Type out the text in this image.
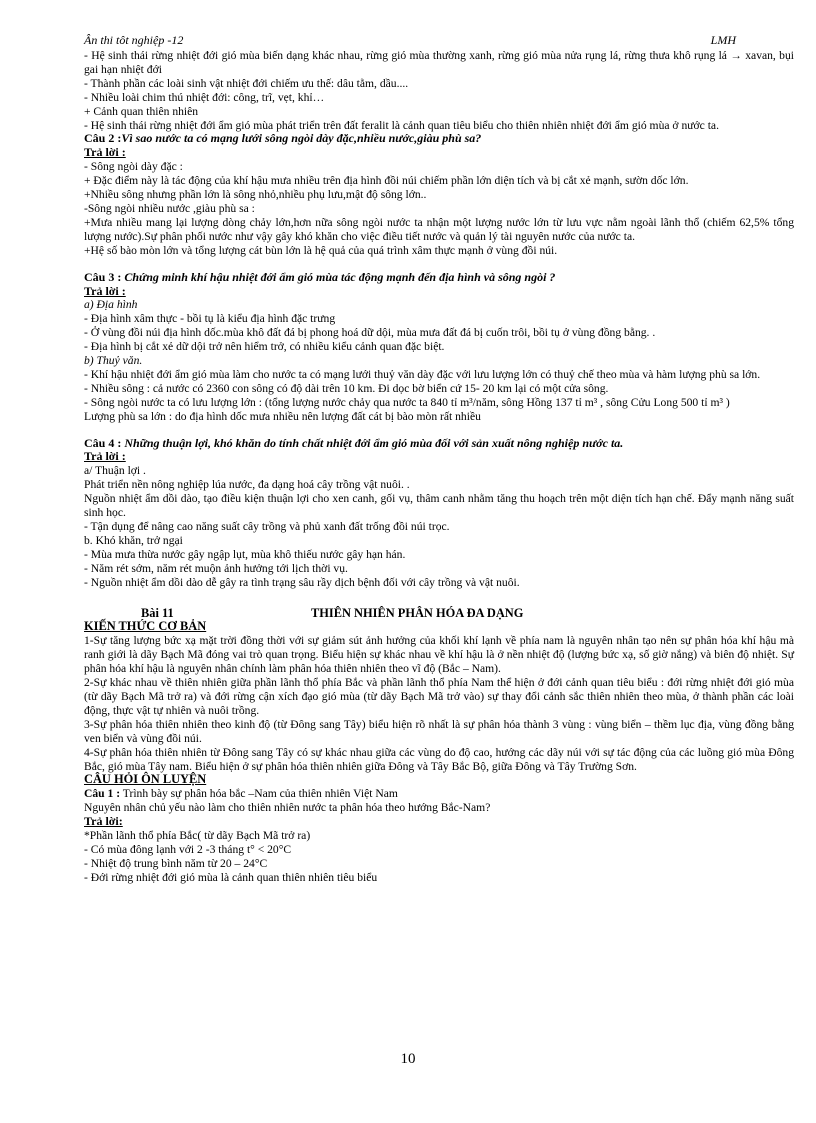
Ân thi tôt nghiệp -12	LMH

- Hệ sinh thái rừng nhiệt đới gió mùa biến dạng khác nhau, rừng gió mùa thường xanh, rừng gió mùa nửa rụng lá, rừng thưa khô rụng lá → xavan, bụi gai hạn nhiệt đới

- Thành phần các loài sinh vật nhiệt đới chiếm ưu thế: dâu tằm, dầu....

- Nhiều loài chim thú nhiệt đới: công, trĩ, vẹt, khỉ…

+ Cảnh quan thiên nhiên

- Hệ sinh thái rừng nhiệt đới ẩm gió mùa phát triển trên đất feralit là cảnh quan tiêu biểu cho thiên nhiên nhiệt đới ẩm gió mùa ở nước ta.

Câu 2 :Vì sao nước ta có mạng lưới sông ngòi dày đặc,nhiều nước,giàu phù sa?

Trả lời :

- Sông ngòi dày đặc :

+ Đặc điểm này là tác động của khí hậu mưa nhiều trên địa hình đồi núi chiếm phần lớn diện tích và bị cắt xẻ mạnh, sườn dốc lớn.

+Nhiều sông nhưng phần lớn là sông nhỏ,nhiều phụ lưu,mật độ sông lớn..

-Sông ngòi nhiều nước ,giàu phù sa :

+Mưa nhiều mang lại lượng dòng chảy lớn,hơn nữa sông ngòi nước ta nhận một lượng nước lớn từ lưu vực nằm ngoài lãnh thổ (chiếm 62,5% tổng lượng nước).Sự phân phối nước như vậy gây khó khăn cho việc điều tiết nước và quản lý tài nguyên nước của nước ta.

+Hệ số bào mòn lớn và tổng lượng cát bùn lớn là hệ quả của quá trình xâm thực mạnh ở vùng đồi núi.

Câu 3 : Chứng minh khí hậu nhiệt đới ẩm gió mùa tác động mạnh đến địa hình và sông ngòi ?

Trả lời :

a) Địa hình

- Địa hình xâm thực - bồi tụ là kiểu địa hình đặc trưng

- Ở vùng đồi núi địa hình dốc.mùa khô đất đá bị phong hoá dữ dội, mùa mưa đất đá bị cuốn trôi, bồi tụ ở vùng đồng bằng. .

- Địa hình bị cắt xẻ dữ dội trở nên hiểm trở, có nhiều kiểu cảnh quan đặc biệt.

b) Thuỷ văn.

- Khí hậu nhiệt đới ẩm gió mùa làm cho nước ta có mạng lưới thuỷ văn dày đặc với lưu lượng lớn có thuỷ chế theo mùa và hàm lượng phù sa lớn.

- Nhiều sông : cả nước có 2360 con sông có độ dài trên 10 km. Đi dọc bờ biển cứ 15- 20 km lại có một cửa sông.

- Sông ngòi nước ta có lưu lượng lớn : (tổng lượng nước chảy qua nước ta 840 tỉ m³/năm, sông Hồng 137 tỉ m³ , sông Cửu Long 500 tỉ m³ )

Lượng phù sa lớn : do địa hình dốc mưa nhiều nên lượng đất cát bị bào mòn rất nhiều

Câu 4 : Những thuận lợi, khó khăn do tính chất nhiệt đới ẩm gió mùa đối với sản xuất nông nghiệp nước ta.

Trả lời :

a/ Thuận lợi .

Phát triển nền nông nghiệp lúa nước, đa dạng hoá cây trồng vật nuôi. .

Nguồn nhiệt ẩm dồi dào, tạo điều kiện thuận lợi cho xen canh, gối vụ, thâm canh nhằm tăng thu hoạch trên một diện tích hạn chế. Đẩy mạnh năng suất sinh học.

- Tận dụng để nâng cao năng suất cây trồng và phủ xanh đất trống đồi núi trọc.

b. Khó khăn, trở ngại

- Mùa mưa thừa nước gây ngập lụt, mùa khô thiếu nước gây hạn hán.

- Năm rét sớm, năm rét muộn ảnh hưởng tới lịch thời vụ.

- Nguồn nhiệt ẩm dồi dào dễ gây ra tình trạng sâu rầy dịch bệnh đối với cây trồng và vật nuôi.

Bài 11	THIÊN NHIÊN PHÂN HÓA ĐA DẠNG

KIẾN THỨC CƠ BẢN

1-Sự tăng lượng bức xạ mặt trời đồng thời với sự giảm sút ảnh hưởng của khối khí lạnh về phía nam là nguyên nhân tạo nên sự phân hóa khí hậu mà ranh giới là dãy Bạch Mã đóng vai trò quan trọng. Biểu hiện sự khác nhau về khí hậu là ở nền nhiệt độ (lượng bức xạ, số giờ nắng) và biên độ nhiệt. Sự phân hóa khí hậu là nguyên nhân chính làm phân hóa thiên nhiên theo vĩ độ (Bắc – Nam).

2-Sự khác nhau về thiên nhiên giữa phần lãnh thổ phía Bắc và phần lãnh thổ phía Nam thể hiện ở đới cảnh quan tiêu biểu : đới rừng nhiệt đới gió mùa (từ dãy Bạch Mã trở ra) và đới rừng cận xích đạo gió mùa (từ dãy Bạch Mã trở vào) sự thay đổi cảnh sắc thiên nhiên theo mùa, ở thành phần các loài động, thực vật tự nhiên và nuôi trồng.

3-Sự phân hóa thiên nhiên theo kinh độ (từ Đông sang Tây) biểu hiện rõ nhất là sự phân hóa thành 3 vùng : vùng biển – thềm lục địa, vùng đồng bằng ven biển và vùng đồi núi.

4-Sự phân hóa thiên nhiên từ Đông sang Tây có sự khác nhau giữa các vùng do độ cao, hướng các dãy núi với sự tác động của các luồng gió mùa Đông Bắc, gió mùa Tây nam. Biểu hiện ở sự phân hóa thiên nhiên giữa Đông và Tây Bắc Bộ, giữa Đông và Tây Trường Sơn.

CÂU HỎI ÔN LUYỆN

Câu 1 : Trình bày sự phân hóa bắc –Nam của thiên nhiên Việt Nam

Nguyên nhân chủ yếu nào làm cho thiên nhiên nước ta phân hóa theo hướng Bắc-Nam?

Trả lời:

*Phần lãnh thổ phía Bắc( từ dãy Bạch Mã trở ra)

- Có mùa đông lạnh với 2 -3 tháng t° < 20°C

- Nhiệt độ trung bình năm từ 20 – 24°C

- Đới rừng nhiệt đới gió mùa là cảnh quan thiên nhiên tiêu biểu

10
